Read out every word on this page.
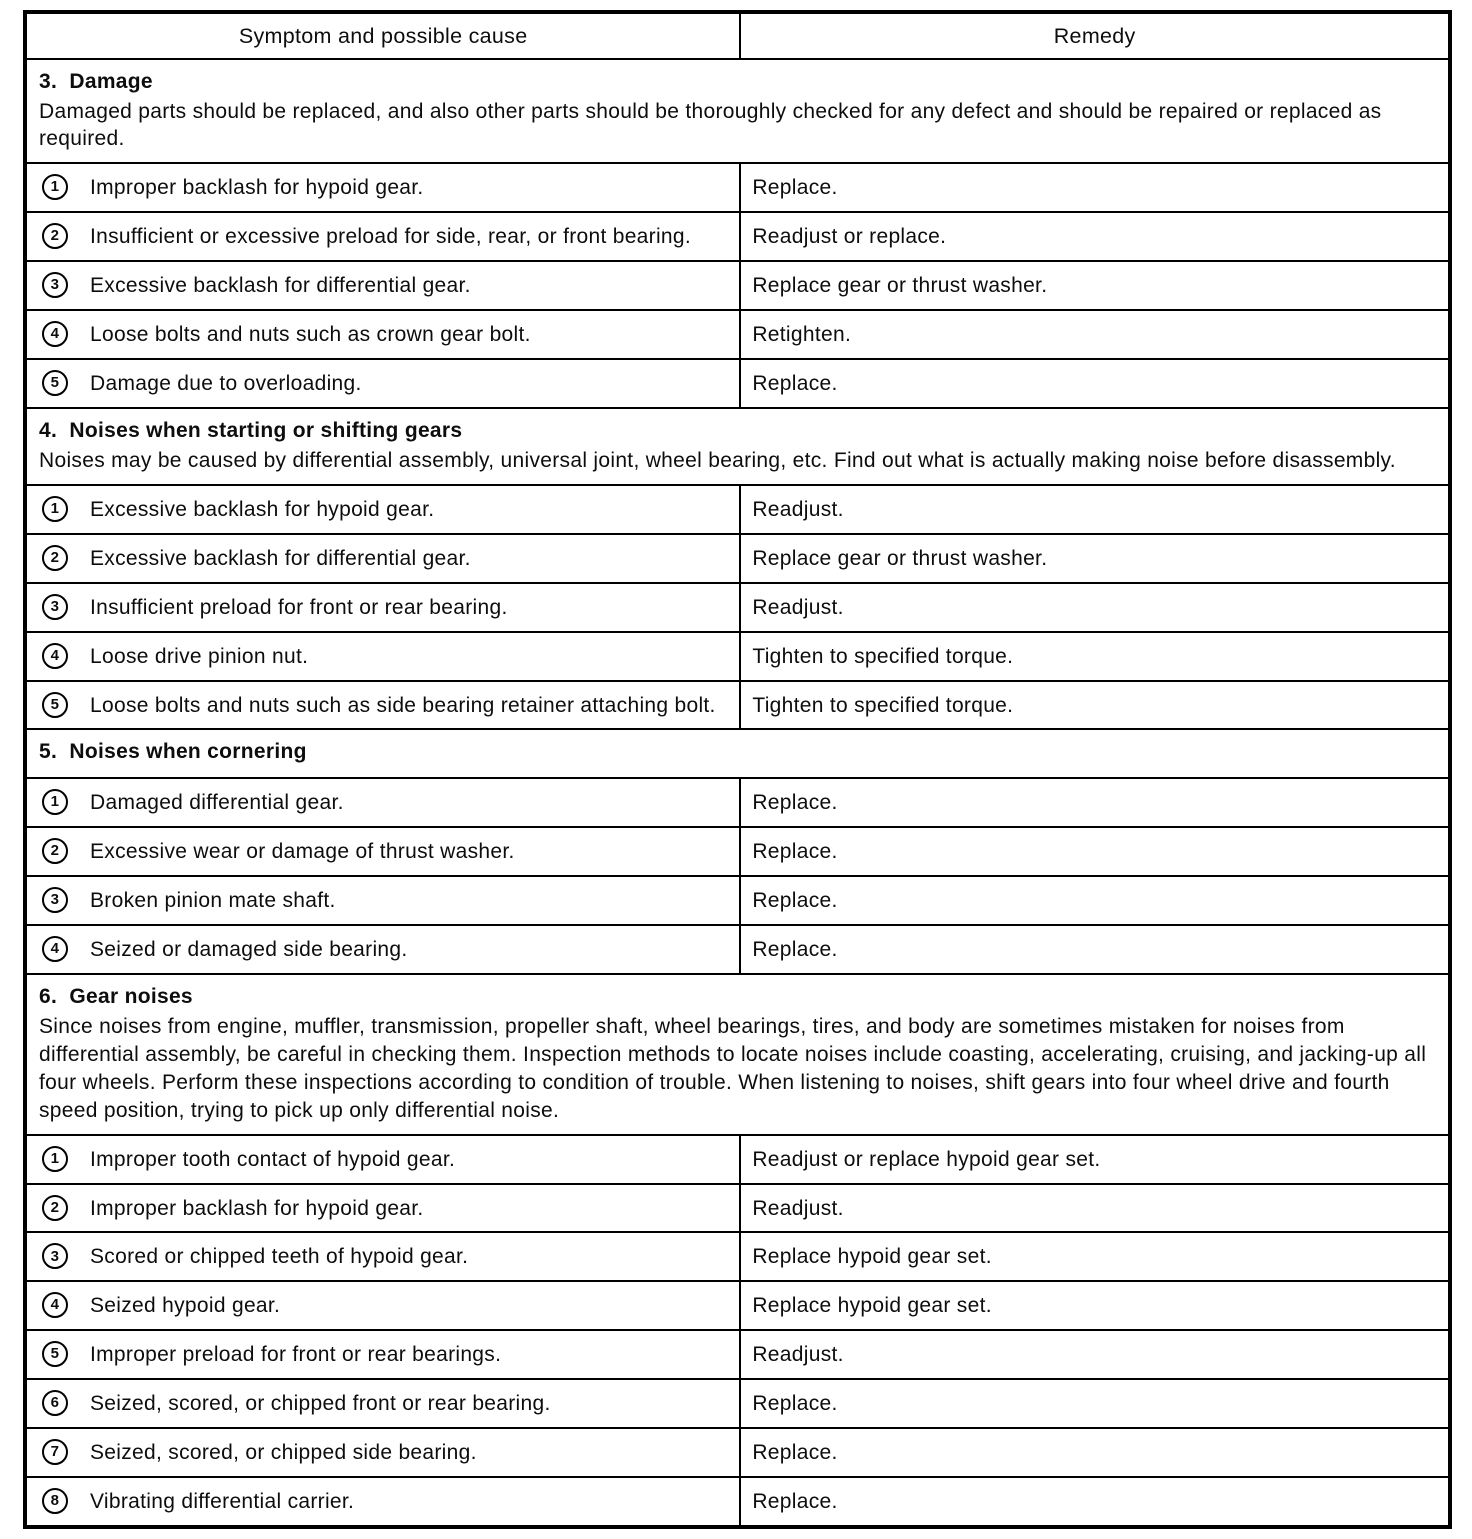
Symptom and possible cause	Remedy

3.  Damage
Damaged parts should be replaced, and also other parts should be thoroughly checked for any defect and should be repaired or replaced as required.	

1 Improper backlash for hypoid gear.	Replace.

2 Insufficient or excessive preload for side, rear, or front bearing.	Readjust or replace.

3 Excessive backlash for differential gear.	Replace gear or thrust washer.

4 Loose bolts and nuts such as crown gear bolt.	Retighten.

5 Damage due to overloading.	Replace.

4.  Noises when starting or shifting gears
Noises may be caused by differential assembly, universal joint, wheel bearing, etc. Find out what is actually making noise before disassembly.	

1 Excessive backlash for hypoid gear.	Readjust.

2 Excessive backlash for differential gear.	Replace gear or thrust washer.

3 Insufficient preload for front or rear bearing.	Readjust.

4 Loose drive pinion nut.	Tighten to specified torque.

5 Loose bolts and nuts such as side bearing retainer attaching bolt.	Tighten to specified torque.

5.  Noises when cornering	

1 Damaged differential gear.	Replace.

2 Excessive wear or damage of thrust washer.	Replace.

3 Broken pinion mate shaft.	Replace.

4 Seized or damaged side bearing.	Replace.

6.  Gear noises
Since noises from engine, muffler, transmission, propeller shaft, wheel bearings, tires, and body are sometimes mistaken for noises from differential assembly, be careful in checking them. Inspection methods to locate noises include coasting, accelerating, cruising, and jacking-up all four wheels. Perform these inspections according to condition of trouble. When listening to noises, shift gears into four wheel drive and fourth speed position, trying to pick up only differential noise.	

1 Improper tooth contact of hypoid gear.	Readjust or replace hypoid gear set.

2 Improper backlash for hypoid gear.	Readjust.

3 Scored or chipped teeth of hypoid gear.	Replace hypoid gear set.

4 Seized hypoid gear.	Replace hypoid gear set.

5 Improper preload for front or rear bearings.	Readjust.

6 Seized, scored, or chipped front or rear bearing.	Replace.

7 Seized, scored, or chipped side bearing.	Replace.

8 Vibrating differential carrier.	Replace.
